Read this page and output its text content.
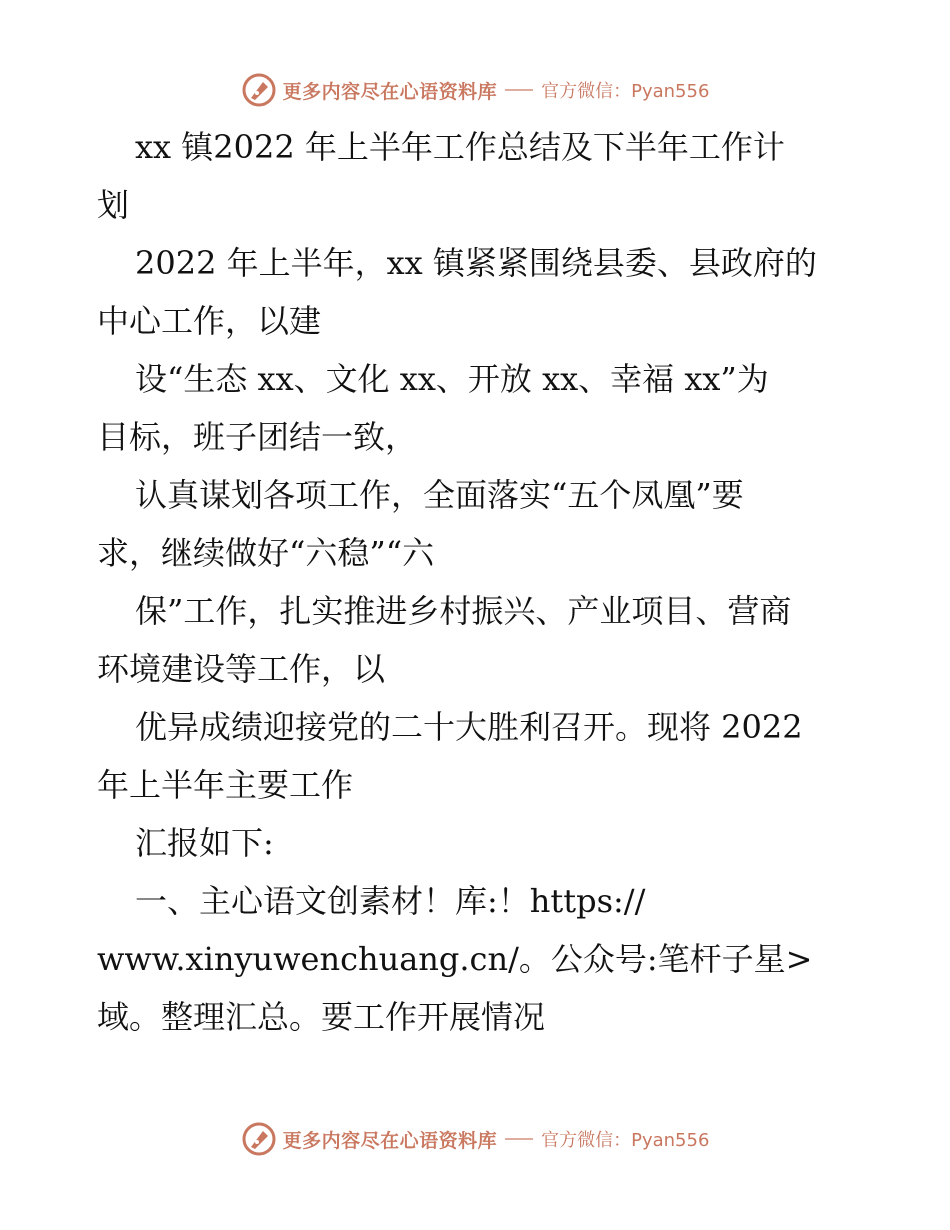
更多内容尽在心语资料库 官方微信：Pyan556
xx 镇2022 年上半年工作总结及下半年工作计
划
2022 年上半年，xx 镇紧紧围绕县委、县政府的
中心工作，以建
设“生态 xx、文化 xx、开放 xx、幸福 xx”为
目标，班子团结一致，
认真谋划各项工作，全面落实“五个凤凰”要
求，继续做好“六稳”“六
保”工作，扎实推进乡村振兴、产业项目、营商
环境建设等工作，以
优异成绩迎接党的二十大胜利召开。现将 2022
年上半年主要工作
汇报如下:
一、主心语文创素材！库:！https://
www.xinyuwenchuang.cn/。公众号:笔杆子星>
域。整理汇总。要工作开展情况
更多内容尽在心语资料库 官方微信：Pyan556
